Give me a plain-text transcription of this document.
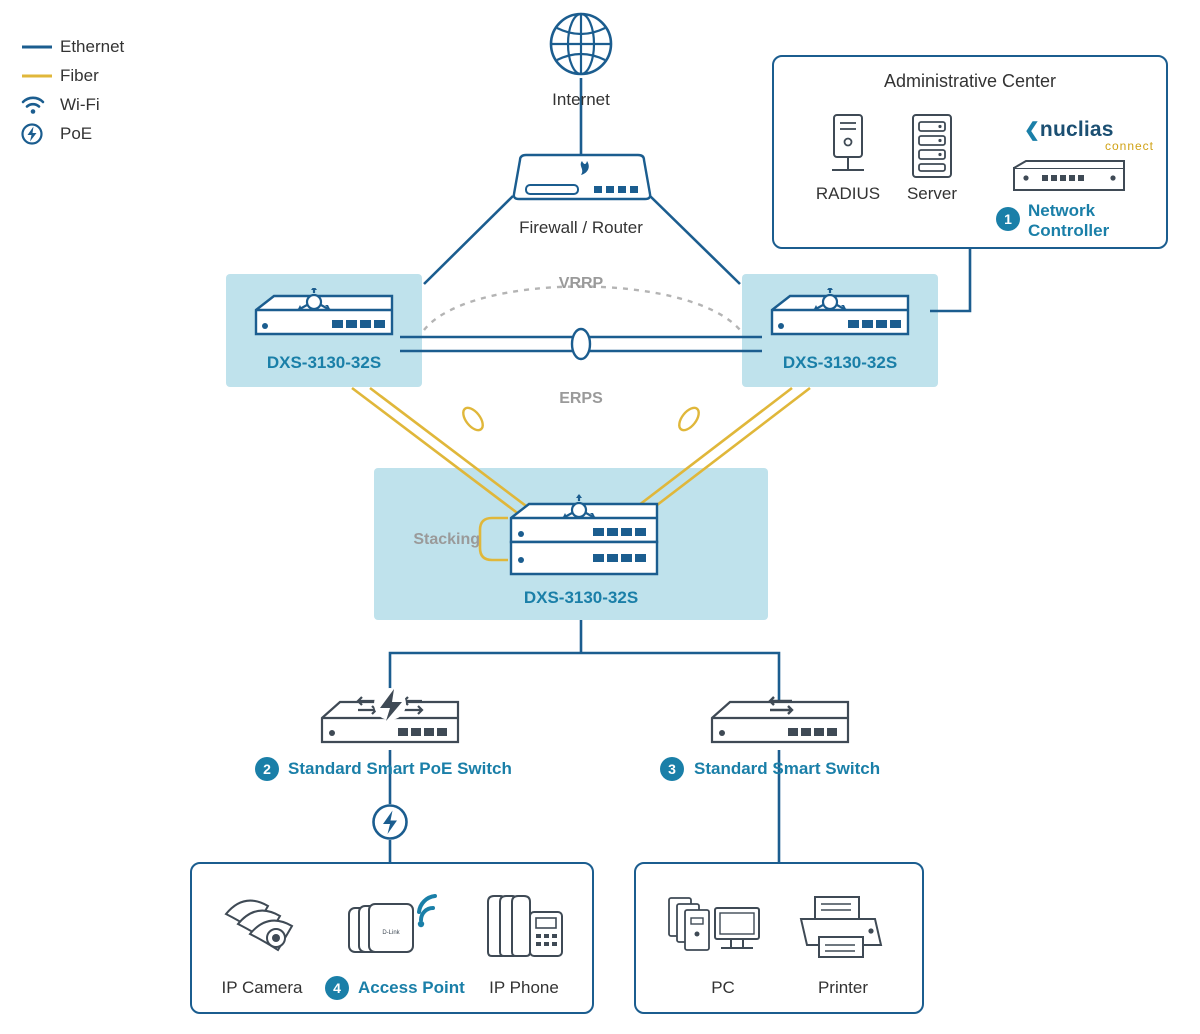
Ethernet
Fiber
Wi-Fi
PoE
VRRP
ERPS
Stacking
Internet
Firewall / Router
Administrative Center
RADIUS	Server
❮ nuclias
connect
1 Network
Controller
DXS-3130-32S	DXS-3130-32S
DXS-3130-32S
2	Standard Smart PoE Switch	3	Standard Smart Switch
IP Camera
D-Link
4	Access Point	IP Phone	PC	Printer
